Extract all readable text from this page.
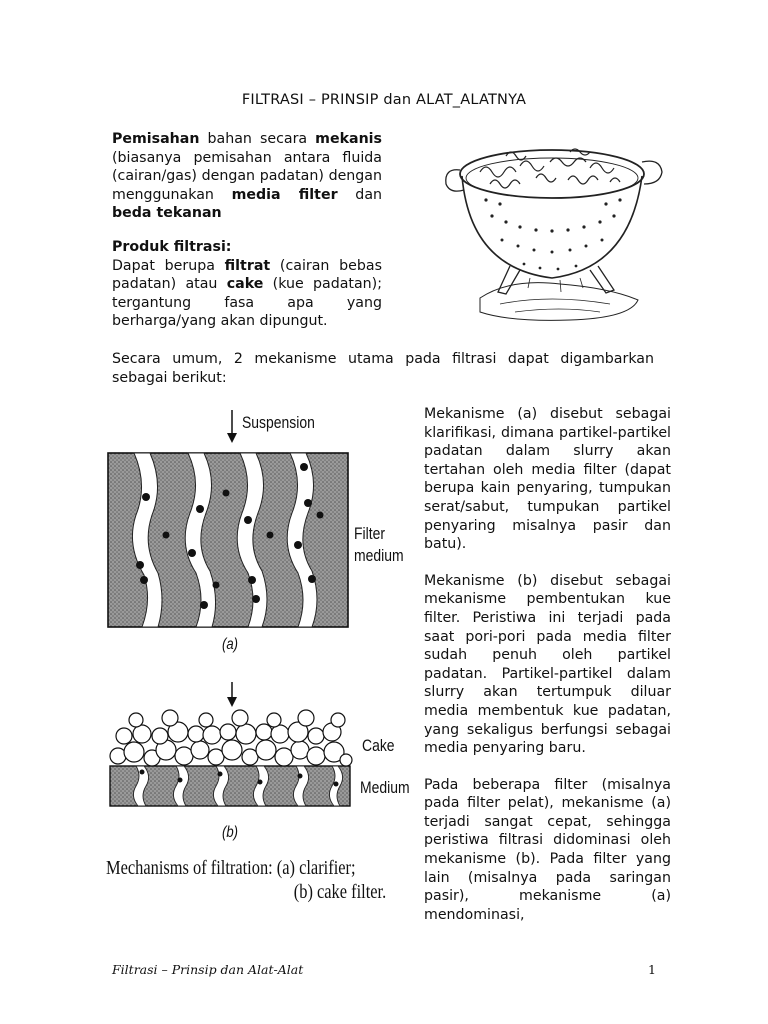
FILTRASI – PRINSIP dan ALAT_ALATNYA
Pemisahan bahan secara mekanis (biasanya pemisahan antara fluida (cairan/gas) dengan padatan) dengan menggunakan media filter dan beda tekanan
Produk filtrasi:
Dapat berupa filtrat (cairan bebas padatan) atau cake (kue padatan); tergantung fasa apa yang berharga/yang akan dipungut.
Secara umum, 2 mekanisme utama pada filtrasi dapat digambarkan sebagai berikut:
Suspension
Filter
medium
(a)
Cake
Medium
(b)
Mechanisms of filtration: (a) clarifier;
(b) cake filter.

Mekanisme (a) disebut sebagai klarifikasi, dimana partikel-partikel padatan dalam slurry akan tertahan oleh media filter (dapat berupa kain penyaring, tumpukan serat/sabut, tumpukan partikel penyaring misalnya pasir dan batu).

Mekanisme (b) disebut sebagai mekanisme pembentukan kue filter. Peristiwa ini terjadi pada saat pori-pori pada media filter sudah penuh oleh partikel padatan. Partikel-partikel dalam slurry akan tertumpuk diluar media membentuk kue padatan, yang sekaligus berfungsi sebagai media penyaring baru.

Pada beberapa filter (misalnya pada filter pelat), mekanisme (a) terjadi sangat cepat, sehingga peristiwa filtrasi didominasi oleh mekanisme (b). Pada filter yang lain (misalnya pada saringan pasir), mekanisme (a) mendominasi,

Filtrasi – Prinsip dan Alat-Alat	1
